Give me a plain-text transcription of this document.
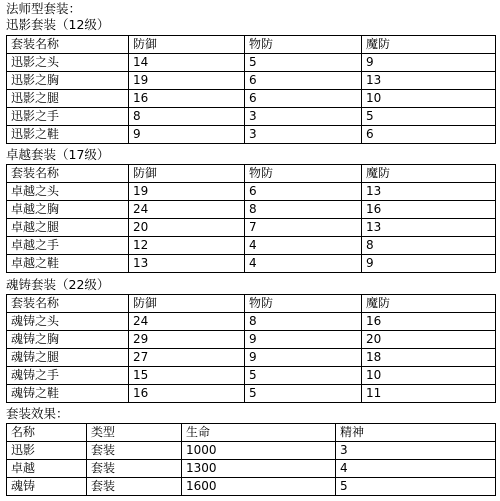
法师型套装：
迅影套装（12级）
套装名称	防御	物防	魔防
迅影之头	14	5	9
迅影之胸	19	6	13
迅影之腿	16	6	10
迅影之手	8	3	5
迅影之鞋	9	3	6
卓越套装（17级）
套装名称	防御	物防	魔防
卓越之头	19	6	13
卓越之胸	24	8	16
卓越之腿	20	7	13
卓越之手	12	4	8
卓越之鞋	13	4	9
魂铸套装（22级）
套装名称	防御	物防	魔防
魂铸之头	24	8	16
魂铸之胸	29	9	20
魂铸之腿	27	9	18
魂铸之手	15	5	10
魂铸之鞋	16	5	11
套装效果：
名称	类型	生命	精神
迅影	套装	1000	3
卓越	套装	1300	4
魂铸	套装	1600	5
